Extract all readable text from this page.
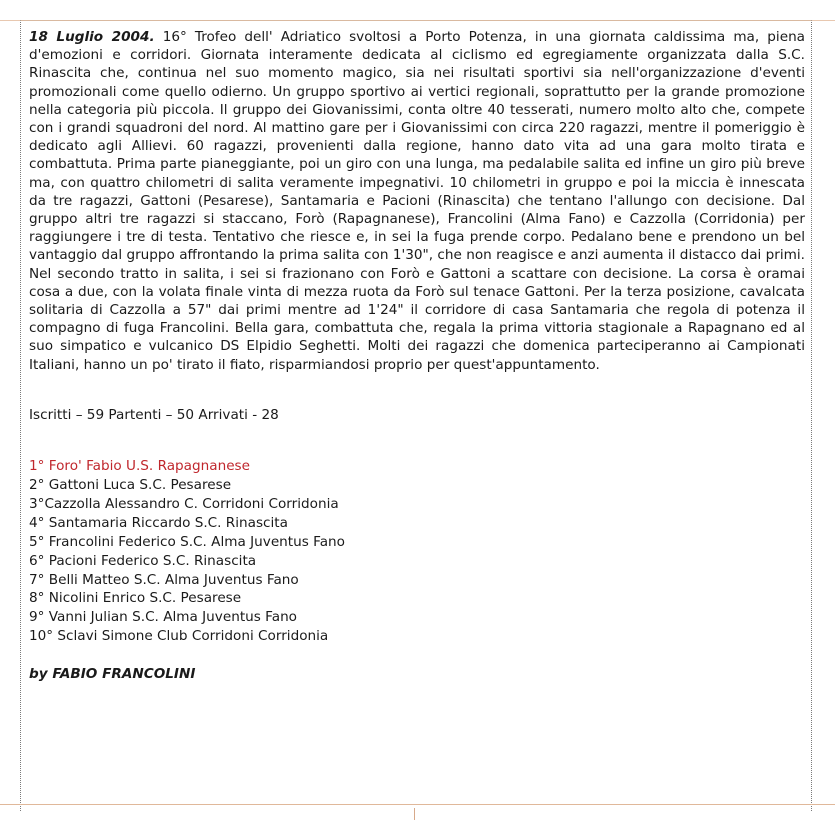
18 Luglio 2004. 16° Trofeo dell' Adriatico svoltosi a Porto Potenza, in una giornata caldissima ma, piena d'emozioni e corridori. Giornata interamente dedicata al ciclismo ed egregiamente organizzata dalla S.C. Rinascita che, continua nel suo momento magico, sia nei risultati sportivi sia nell'organizzazione d'eventi promozionali come quello odierno. Un gruppo sportivo ai vertici regionali, soprattutto per la grande promozione nella categoria più piccola. Il gruppo dei Giovanissimi, conta oltre 40 tesserati, numero molto alto che, compete con i grandi squadroni del nord. Al mattino gare per i Giovanissimi con circa 220 ragazzi, mentre il pomeriggio è dedicato agli Allievi. 60 ragazzi, provenienti dalla regione, hanno dato vita ad una gara molto tirata e combattuta. Prima parte pianeggiante, poi un giro con una lunga, ma pedalabile salita ed infine un giro più breve ma, con quattro chilometri di salita veramente impegnativi. 10 chilometri in gruppo e poi la miccia è innescata da tre ragazzi, Gattoni (Pesarese), Santamaria e Pacioni (Rinascita) che tentano l'allungo con decisione. Dal gruppo altri tre ragazzi si staccano, Forò (Rapagnanese), Francolini (Alma Fano) e Cazzolla (Corridonia) per raggiungere i tre di testa. Tentativo che riesce e, in sei la fuga prende corpo. Pedalano bene e prendono un bel vantaggio dal gruppo affrontando la prima salita con 1'30", che non reagisce e anzi aumenta il distacco dai primi. Nel secondo tratto in salita, i sei si frazionano con Forò e Gattoni a scattare con decisione. La corsa è oramai cosa a due, con la volata finale vinta di mezza ruota da Forò sul tenace Gattoni. Per la terza posizione, cavalcata solitaria di Cazzolla a 57" dai primi mentre ad 1'24" il corridore di casa Santamaria che regola di potenza il compagno di fuga Francolini. Bella gara, combattuta che, regala la prima vittoria stagionale a Rapagnano ed al suo simpatico e vulcanico DS Elpidio Seghetti. Molti dei ragazzi che domenica parteciperanno ai Campionati Italiani, hanno un po' tirato il fiato, risparmiandosi proprio per quest'appuntamento.

Iscritti – 59 Partenti – 50 Arrivati - 28

1° Foro' Fabio U.S. Rapagnanese
2° Gattoni Luca S.C. Pesarese
3°Cazzolla Alessandro C. Corridoni Corridonia
4° Santamaria Riccardo S.C. Rinascita
5° Francolini Federico S.C. Alma Juventus Fano
6° Pacioni Federico S.C. Rinascita
7° Belli Matteo S.C. Alma Juventus Fano
8° Nicolini Enrico S.C. Pesarese
9° Vanni Julian S.C. Alma Juventus Fano
10° Sclavi Simone Club Corridoni Corridonia

by FABIO FRANCOLINI
